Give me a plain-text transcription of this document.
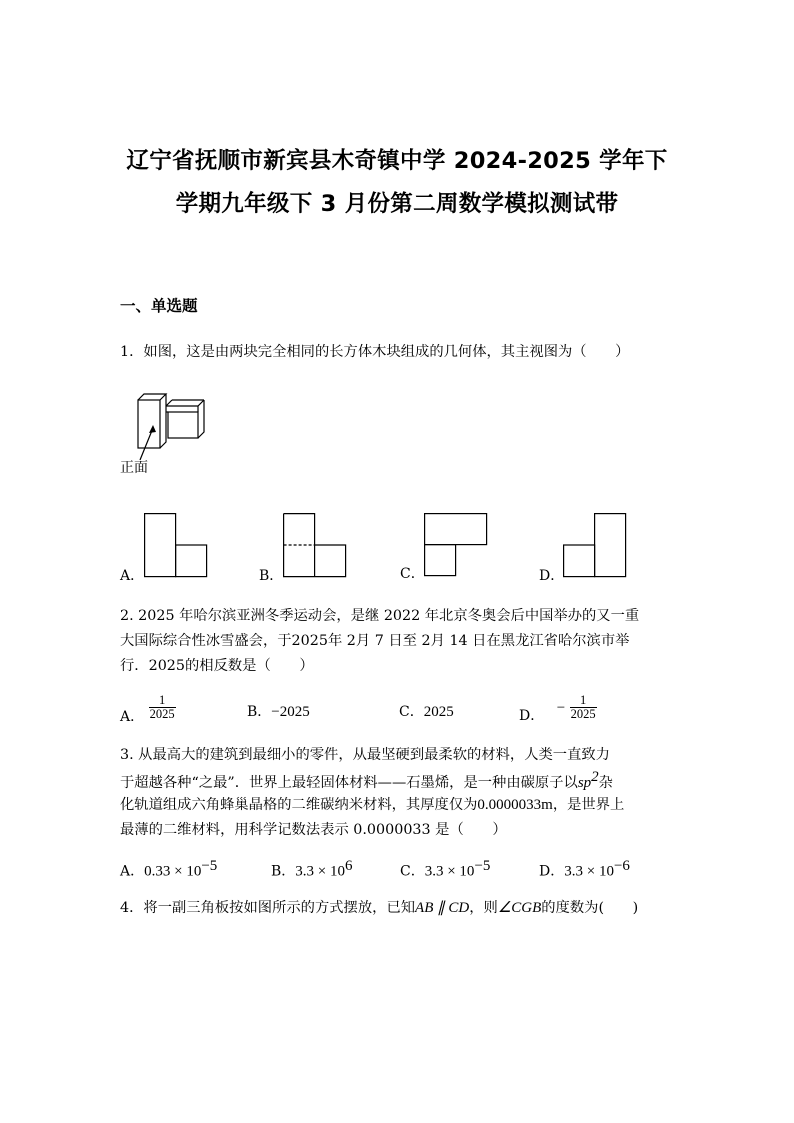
辽宁省抚顺市新宾县木奇镇中学 2024-2025 学年下
学期九年级下 3 月份第二周数学模拟测试带
一、单选题
1．如图，这是由两块完全相同的长方体木块组成的几何体，其主视图为（　　）
正面
A．	B．	C．	D．
2. 2025 年哈尔滨亚洲冬季运动会，是继 2022 年北京冬奥会后中国举办的又一重
大国际综合性冰雪盛会，于2025年 2月 7 日至 2月 14 日在黑龙江省哈尔滨市举
行．2025的相反数是（　　）
A． $\frac{1}{2025}$	B．−2025	C．2025	D． − $\frac{1}{2025}$
3. 从最高大的建筑到最细小的零件，从最坚硬到最柔软的材料，人类一直致力
于超越各种“之最”．世界上最轻固体材料——石墨烯，是一种由碳原子以$sp^2$杂
化轨道组成六角蜂巢晶格的二维碳纳米材料，其厚度仅为0.0000033m，是世界上
最薄的二维材料，用科学记数法表示 0.0000033 是（　　）
A．$0.33 \times 10^{-5}$	B．$3.3 \times 10^6$	C．$3.3 \times 10^{-5}$	D．$3.3 \times 10^{-6}$
4．将一副三角板按如图所示的方式摆放，已知AB ∥ CD，则∠CGB的度数为(　　)
